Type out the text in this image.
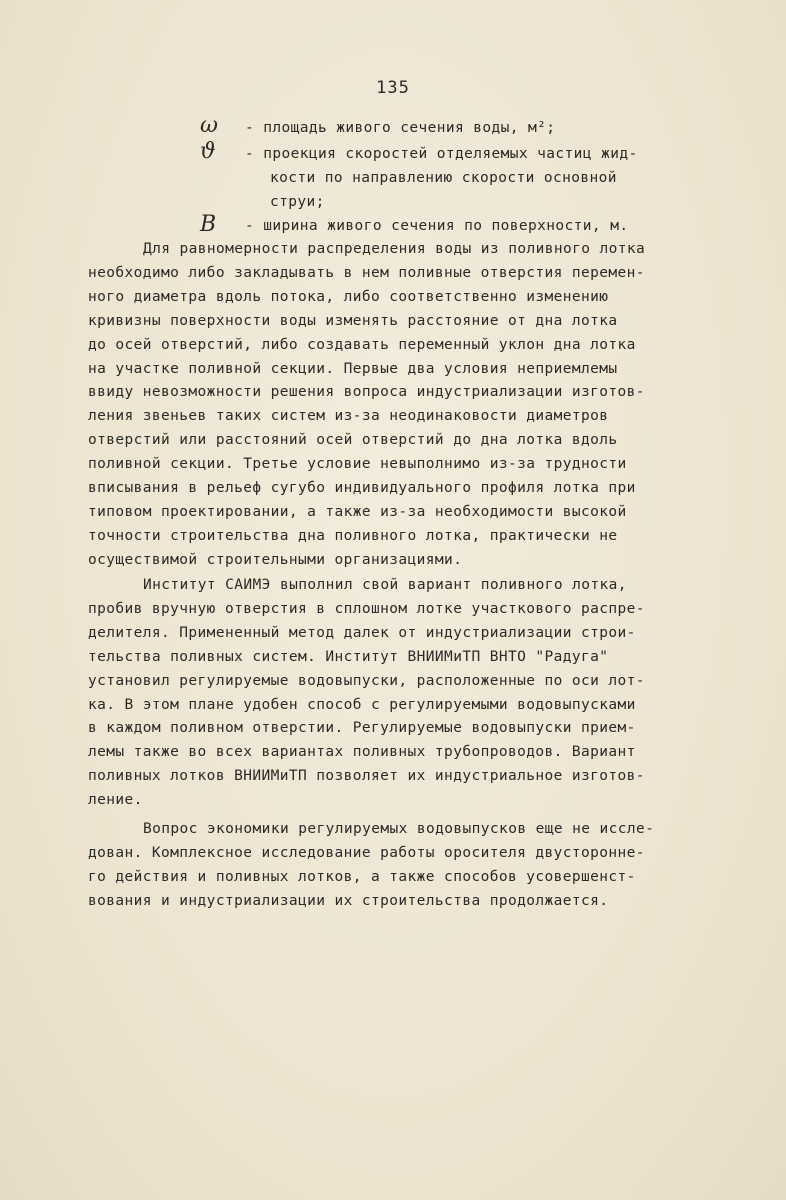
135
ω	- площадь живого сечения воды, м²;
ϑ	- проекция скоростей отделяемых частиц жид-
кости по направлению скорости основной
струи;
B	- ширина живого сечения по поверхности, м.
Для равномерности распределения воды из поливного лотка
необходимо либо закладывать в нем поливные отверстия перемен-
ного диаметра вдоль потока, либо соответственно изменению
кривизны поверхности воды изменять расстояние от дна лотка
до осей отверстий, либо создавать переменный уклон дна лотка
на участке поливной секции. Первые два условия неприемлемы
ввиду невозможности решения вопроса индустриализации изготов-
ления звеньев таких систем из-за неодинаковости диаметров
отверстий или расстояний осей отверстий до дна лотка вдоль
поливной секции. Третье условие невыполнимо из-за трудности
вписывания в рельеф сугубо индивидуального профиля лотка при
типовом проектировании, а также из-за необходимости высокой
точности строительства дна поливного лотка, практически не
осуществимой строительными организациями.
Институт САИМЭ выполнил свой вариант поливного лотка,
пробив вручную отверстия в сплошном лотке участкового распре-
делителя. Примененный метод далек от индустриализации строи-
тельства поливных систем. Институт ВНИИМиТП ВНТО "Радуга"
установил регулируемые водовыпуски, расположенные по оси лот-
ка. В этом плане удобен способ с регулируемыми водовыпусками
в каждом поливном отверстии. Регулируемые водовыпуски прием-
лемы также во всех вариантах поливных трубопроводов. Вариант
поливных лотков ВНИИМиТП позволяет их индустриальное изготов-
ление.
Вопрос экономики регулируемых водовыпусков еще не иссле-
дован. Комплексное исследование работы оросителя двустороннe-
го действия и поливных лотков, а также способов усовершенст-
вования и индустриализации их строительства продолжается.
